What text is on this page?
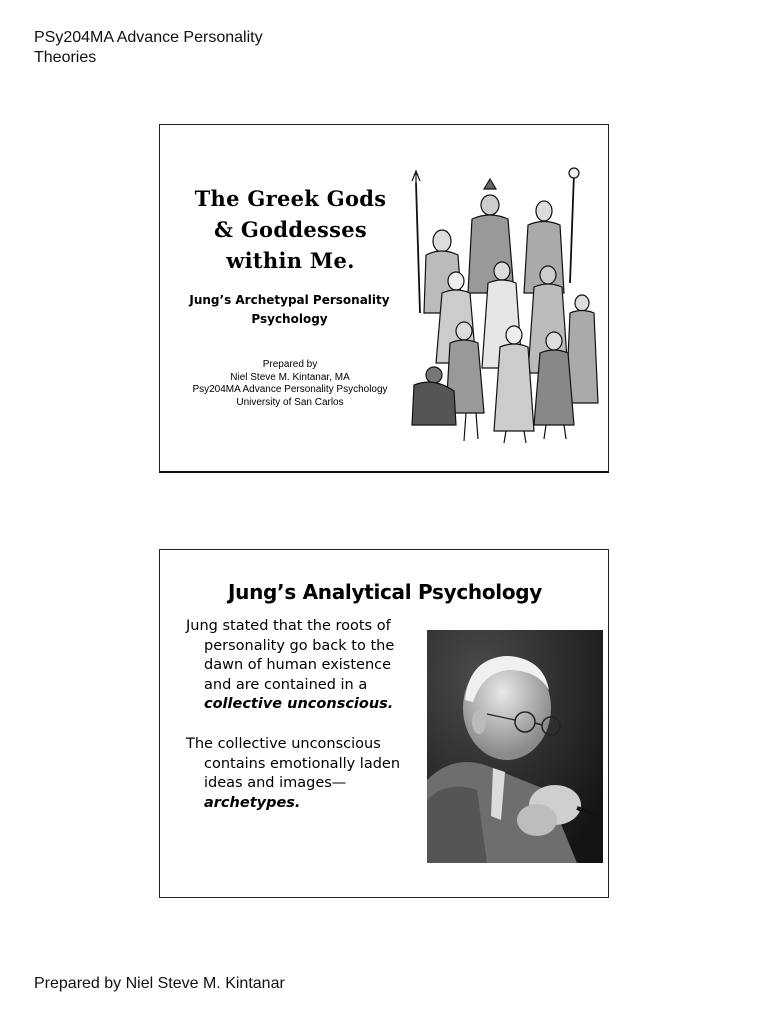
PSy204MA Advance Personality
Theories
The Greek Gods
& Goddesses
within Me.
Jung’s Archetypal Personality
Psychology
Prepared by
Niel Steve M. Kintanar, MA
Psy204MA Advance Personality Psychology
University of San Carlos
Jung’s Analytical Psychology
Jung stated that the roots of personality go back to the dawn of human existence and are contained in a collective unconscious.
The collective unconscious contains emotionally laden ideas and images—archetypes.
Prepared by Niel Steve M. Kintanar
